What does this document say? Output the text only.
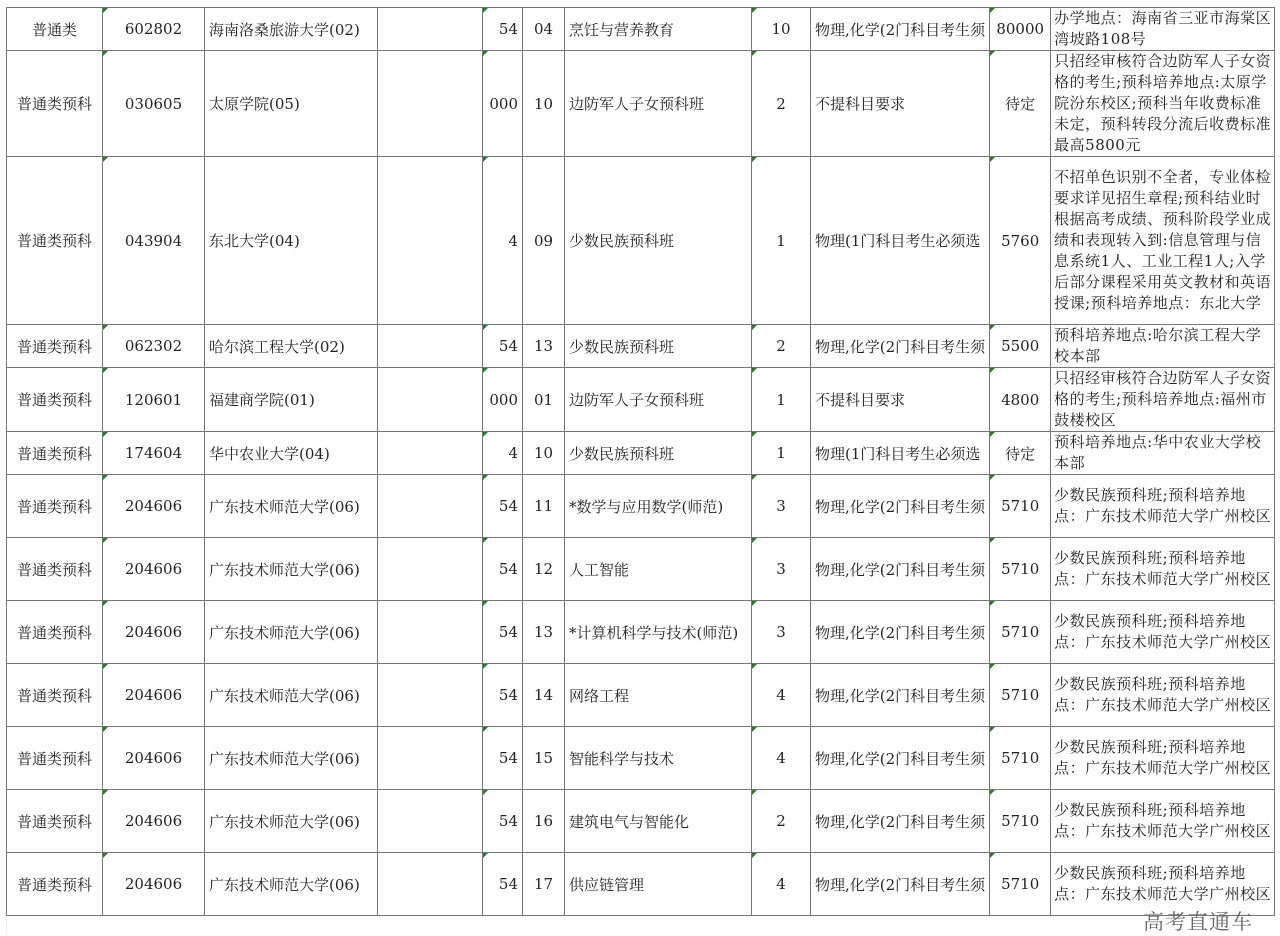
普通类	602802	海南洛桑旅游大学(02)		54	04	烹饪与营养教育	10	物理,化学(2门科目考生须	80000	办学地点：海南省三亚市海棠区湾坡路108号
普通类预科	030605	太原学院(05)		000	10	边防军人子女预科班	2	不提科目要求	待定	只招经审核符合边防军人子女资格的考生;预科培养地点:太原学院汾东校区;预科当年收费标准未定，预科转段分流后收费标准最高5800元
普通类预科	043904	东北大学(04)		4	09	少数民族预科班	1	物理(1门科目考生必须选	5760	不招单色识别不全者，专业体检要求详见招生章程;预科结业时根据高考成绩、预科阶段学业成绩和表现转入到:信息管理与信息系统1人、工业工程1人;入学后部分课程采用英文教材和英语授课;预科培养地点：东北大学
普通类预科	062302	哈尔滨工程大学(02)		54	13	少数民族预科班	2	物理,化学(2门科目考生须	5500	预科培养地点:哈尔滨工程大学校本部
普通类预科	120601	福建商学院(01)		000	01	边防军人子女预科班	1	不提科目要求	4800	只招经审核符合边防军人子女资格的考生;预科培养地点:福州市鼓楼校区
普通类预科	174604	华中农业大学(04)		4	10	少数民族预科班	1	物理(1门科目考生必须选	待定	预科培养地点:华中农业大学校本部
普通类预科	204606	广东技术师范大学(06)		54	11	*数学与应用数学(师范)	3	物理,化学(2门科目考生须	5710	少数民族预科班;预科培养地点：广东技术师范大学广州校区
普通类预科	204606	广东技术师范大学(06)		54	12	人工智能	3	物理,化学(2门科目考生须	5710	少数民族预科班;预科培养地点：广东技术师范大学广州校区
普通类预科	204606	广东技术师范大学(06)		54	13	*计算机科学与技术(师范)	3	物理,化学(2门科目考生须	5710	少数民族预科班;预科培养地点：广东技术师范大学广州校区
普通类预科	204606	广东技术师范大学(06)		54	14	网络工程	4	物理,化学(2门科目考生须	5710	少数民族预科班;预科培养地点：广东技术师范大学广州校区
普通类预科	204606	广东技术师范大学(06)		54	15	智能科学与技术	4	物理,化学(2门科目考生须	5710	少数民族预科班;预科培养地点：广东技术师范大学广州校区
普通类预科	204606	广东技术师范大学(06)		54	16	建筑电气与智能化	2	物理,化学(2门科目考生须	5710	少数民族预科班;预科培养地点：广东技术师范大学广州校区
普通类预科	204606	广东技术师范大学(06)		54	17	供应链管理	4	物理,化学(2门科目考生须	5710	少数民族预科班;预科培养地点：广东技术师范大学广州校区

高考直通车
